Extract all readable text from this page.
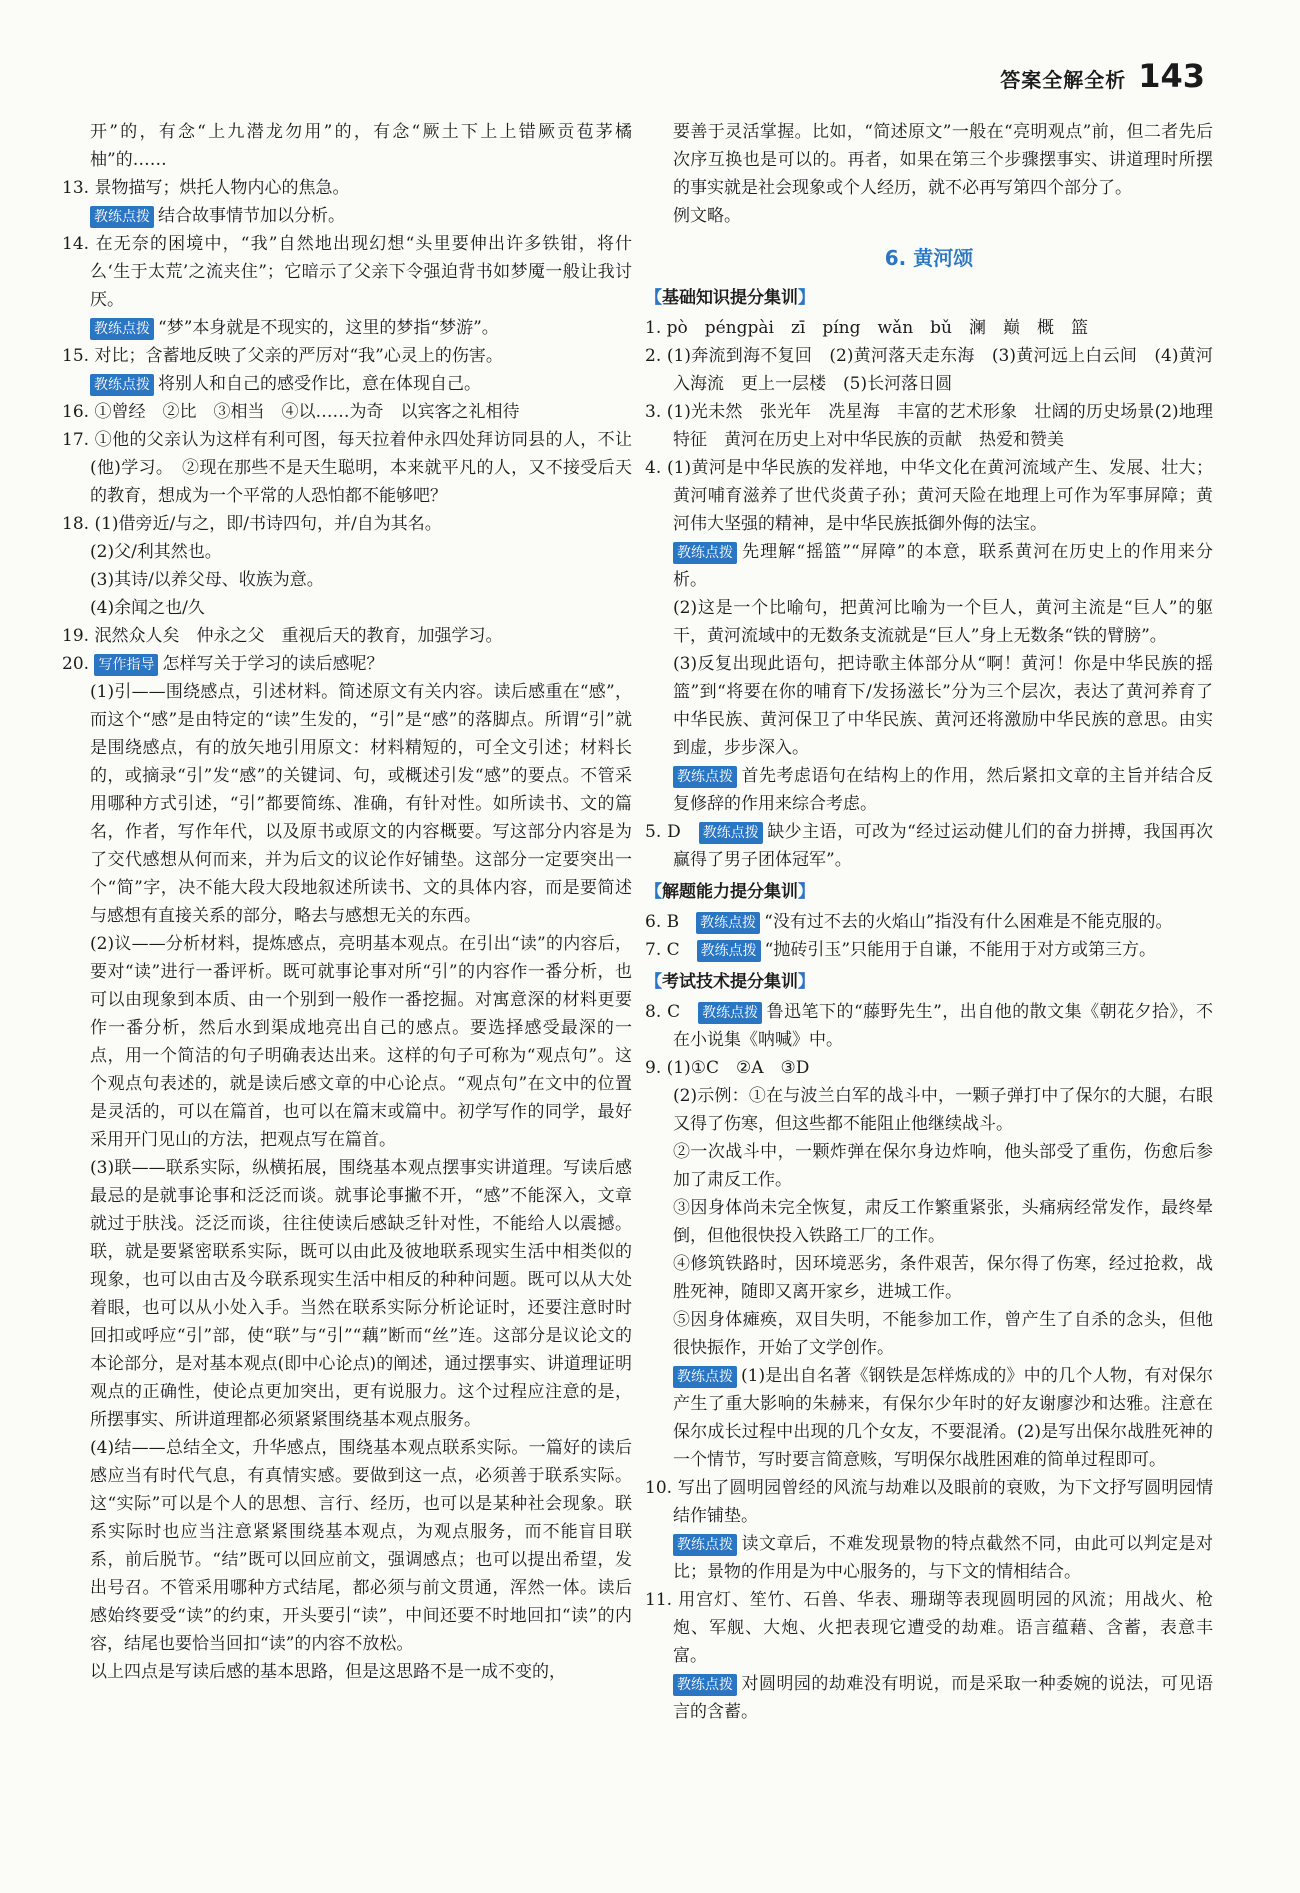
答案全解全析 143

开”的，有念“上九潜龙勿用”的，有念“厥土下上上错厥贡苞茅橘柚”的……

13. 景物描写；烘托人物内心的焦急。

教练点拨 结合故事情节加以分析。

14. 在无奈的困境中，“我”自然地出现幻想“头里要伸出许多铁钳，将什么‘生于太荒’之流夹住”；它暗示了父亲下令强迫背书如梦魇一般让我讨厌。

教练点拨 “梦”本身就是不现实的，这里的梦指“梦游”。

15. 对比；含蓄地反映了父亲的严厉对“我”心灵上的伤害。

教练点拨 将别人和自己的感受作比，意在体现自己。

16. ①曾经　②比　③相当　④以……为奇　以宾客之礼相待

17. ①他的父亲认为这样有利可图，每天拉着仲永四处拜访同县的人，不让(他)学习。　②现在那些不是天生聪明，本来就平凡的人，又不接受后天的教育，想成为一个平常的人恐怕都不能够吧？

18. (1)借旁近/与之，即/书诗四句，并/自为其名。

(2)父/利其然也。

(3)其诗/以养父母、收族为意。

(4)余闻之也/久

19. 泯然众人矣　仲永之父　重视后天的教育，加强学习。

20. 写作指导 怎样写关于学习的读后感呢？

(1)引——围绕感点，引述材料。简述原文有关内容。读后感重在“感”，而这个“感”是由特定的“读”生发的，“引”是“感”的落脚点。所谓“引”就是围绕感点，有的放矢地引用原文：材料精短的，可全文引述；材料长的，或摘录“引”发“感”的关键词、句，或概述引发“感”的要点。不管采用哪种方式引述，“引”都要简练、准确，有针对性。如所读书、文的篇名，作者，写作年代，以及原书或原文的内容概要。写这部分内容是为了交代感想从何而来，并为后文的议论作好铺垫。这部分一定要突出一个“简”字，决不能大段大段地叙述所读书、文的具体内容，而是要简述与感想有直接关系的部分，略去与感想无关的东西。

(2)议——分析材料，提炼感点，亮明基本观点。在引出“读”的内容后，要对“读”进行一番评析。既可就事论事对所“引”的内容作一番分析，也可以由现象到本质、由一个别到一般作一番挖掘。对寓意深的材料更要作一番分析，然后水到渠成地亮出自己的感点。要选择感受最深的一点，用一个简洁的句子明确表达出来。这样的句子可称为“观点句”。这个观点句表述的，就是读后感文章的中心论点。“观点句”在文中的位置是灵活的，可以在篇首，也可以在篇末或篇中。初学写作的同学，最好采用开门见山的方法，把观点写在篇首。

(3)联——联系实际，纵横拓展，围绕基本观点摆事实讲道理。写读后感最忌的是就事论事和泛泛而谈。就事论事撇不开，“感”不能深入，文章就过于肤浅。泛泛而谈，往往使读后感缺乏针对性，不能给人以震撼。联，就是要紧密联系实际，既可以由此及彼地联系现实生活中相类似的现象，也可以由古及今联系现实生活中相反的种种问题。既可以从大处着眼，也可以从小处入手。当然在联系实际分析论证时，还要注意时时回扣或呼应“引”部，使“联”与“引”“藕”断而“丝”连。这部分是议论文的本论部分，是对基本观点(即中心论点)的阐述，通过摆事实、讲道理证明观点的正确性，使论点更加突出，更有说服力。这个过程应注意的是，所摆事实、所讲道理都必须紧紧围绕基本观点服务。

(4)结——总结全文，升华感点，围绕基本观点联系实际。一篇好的读后感应当有时代气息，有真情实感。要做到这一点，必须善于联系实际。这“实际”可以是个人的思想、言行、经历，也可以是某种社会现象。联系实际时也应当注意紧紧围绕基本观点，为观点服务，而不能盲目联系，前后脱节。“结”既可以回应前文，强调感点；也可以提出希望，发出号召。不管采用哪种方式结尾，都必须与前文贯通，浑然一体。读后感始终要受“读”的约束，开头要引“读”，中间还要不时地回扣“读”的内容，结尾也要恰当回扣“读”的内容不放松。

以上四点是写读后感的基本思路，但是这思路不是一成不变的，

要善于灵活掌握。比如，“简述原文”一般在“亮明观点”前，但二者先后次序互换也是可以的。再者，如果在第三个步骤摆事实、讲道理时所摆的事实就是社会现象或个人经历，就不必再写第四个部分了。

例文略。

6. 黄河颂
【基础知识提分集训】

1. pò　péngpài　zī　píng　wǎn　bǔ　澜　巅　概　篮

2. (1)奔流到海不复回　(2)黄河落天走东海　(3)黄河远上白云间　(4)黄河入海流　更上一层楼　(5)长河落日圆

3. (1)光未然　张光年　冼星海　丰富的艺术形象　壮阔的历史场景(2)地理特征　黄河在历史上对中华民族的贡献　热爱和赞美

4. (1)黄河是中华民族的发祥地，中华文化在黄河流域产生、发展、壮大；黄河哺育滋养了世代炎黄子孙；黄河天险在地理上可作为军事屏障；黄河伟大坚强的精神，是中华民族抵御外侮的法宝。

教练点拨 先理解“摇篮”“屏障”的本意，联系黄河在历史上的作用来分析。

(2)这是一个比喻句，把黄河比喻为一个巨人，黄河主流是“巨人”的躯干，黄河流域中的无数条支流就是“巨人”身上无数条“铁的臂膀”。

(3)反复出现此语句，把诗歌主体部分从“啊！黄河！你是中华民族的摇篮”到“将要在你的哺育下/发扬滋长”分为三个层次，表达了黄河养育了中华民族、黄河保卫了中华民族、黄河还将激励中华民族的意思。由实到虚，步步深入。

教练点拨 首先考虑语句在结构上的作用，然后紧扣文章的主旨并结合反复修辞的作用来综合考虑。

5. D　 教练点拨 缺少主语，可改为“经过运动健儿们的奋力拼搏，我国再次赢得了男子团体冠军”。

【解题能力提分集训】

6. B　 教练点拨 “没有过不去的火焰山”指没有什么困难是不能克服的。

7. C　 教练点拨 “抛砖引玉”只能用于自谦，不能用于对方或第三方。

【考试技术提分集训】

8. C　 教练点拨 鲁迅笔下的“藤野先生”，出自他的散文集《朝花夕拾》，不在小说集《呐喊》中。

9. (1)①C　②A　③D

(2)示例：①在与波兰白军的战斗中，一颗子弹打中了保尔的大腿，右眼又得了伤寒，但这些都不能阻止他继续战斗。

②一次战斗中，一颗炸弹在保尔身边炸响，他头部受了重伤，伤愈后参加了肃反工作。

③因身体尚未完全恢复，肃反工作繁重紧张，头痛病经常发作，最终晕倒，但他很快投入铁路工厂的工作。

④修筑铁路时，因环境恶劣，条件艰苦，保尔得了伤寒，经过抢救，战胜死神，随即又离开家乡，进城工作。

⑤因身体瘫痪，双目失明，不能参加工作，曾产生了自杀的念头，但他很快振作，开始了文学创作。

教练点拨 (1)是出自名著《钢铁是怎样炼成的》中的几个人物，有对保尔产生了重大影响的朱赫来，有保尔少年时的好友谢廖沙和达雅。注意在保尔成长过程中出现的几个女友，不要混淆。(2)是写出保尔战胜死神的一个情节，写时要言简意赅，写明保尔战胜困难的简单过程即可。

10. 写出了圆明园曾经的风流与劫难以及眼前的衰败，为下文抒写圆明园情结作铺垫。

教练点拨 读文章后，不难发现景物的特点截然不同，由此可以判定是对比；景物的作用是为中心服务的，与下文的情相结合。

11. 用宫灯、笙竹、石兽、华表、珊瑚等表现圆明园的风流；用战火、枪炮、军舰、大炮、火把表现它遭受的劫难。语言蕴藉、含蓄，表意丰富。

教练点拨 对圆明园的劫难没有明说，而是采取一种委婉的说法，可见语言的含蓄。
